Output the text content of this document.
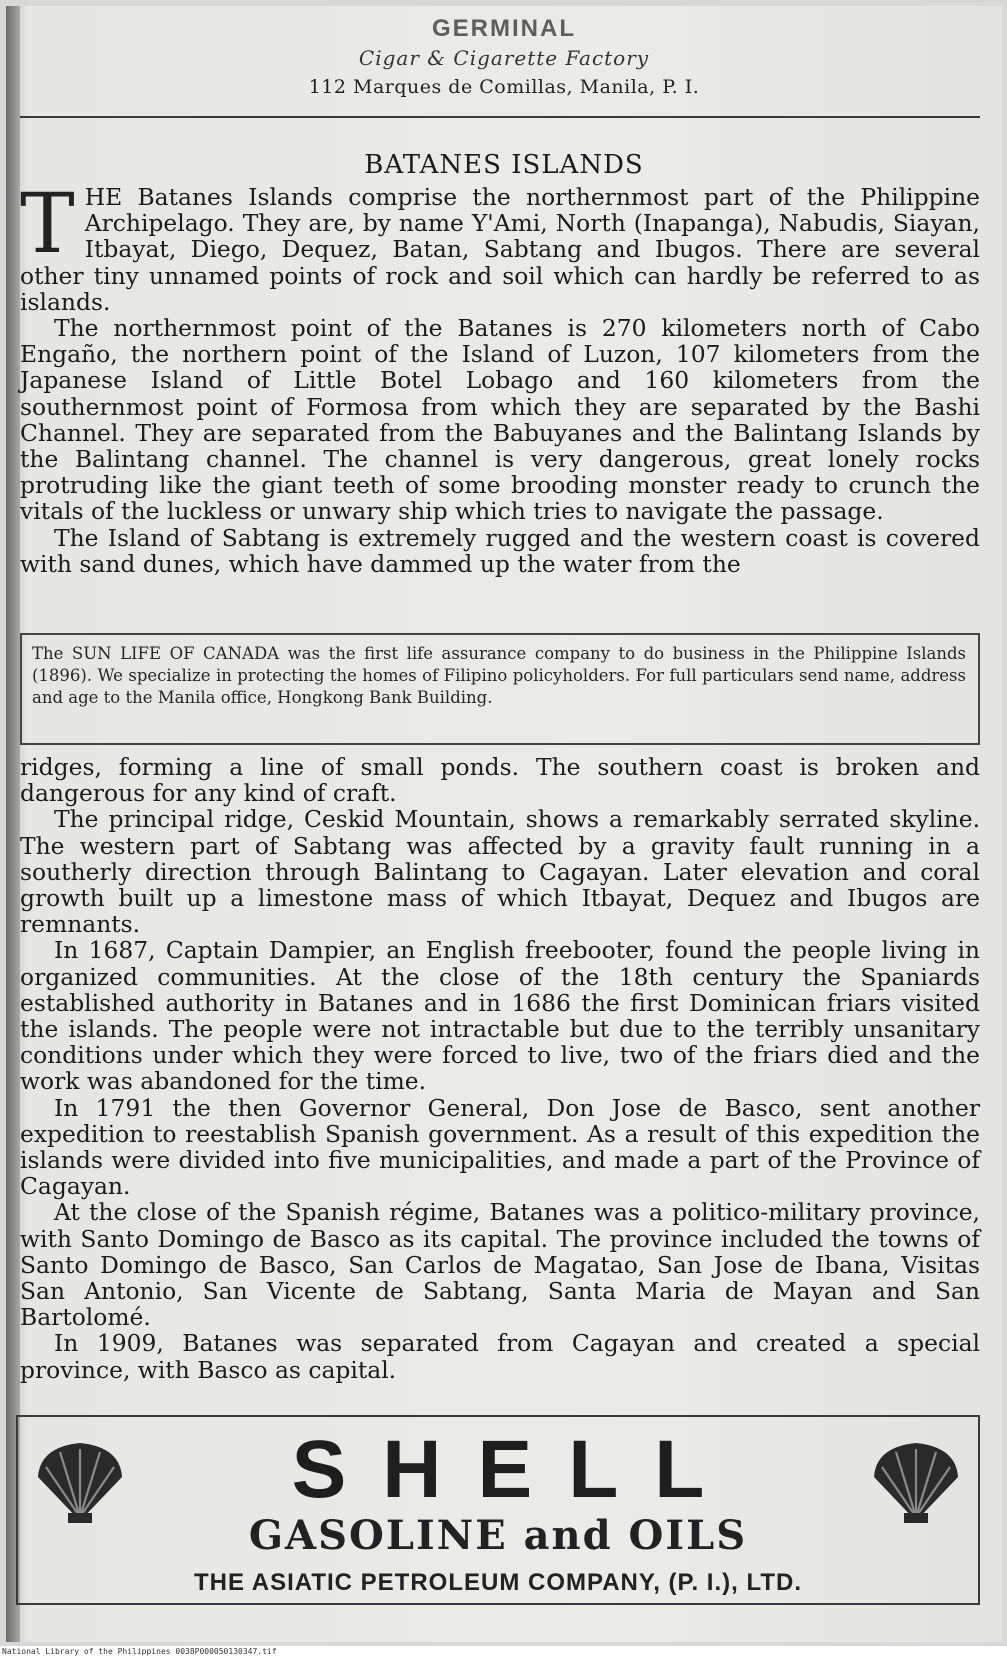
GERMINAL
Cigar & Cigarette Factory
112 Marques de Comillas, Manila, P. I.
BATANES ISLANDS

THE Batanes Islands comprise the northernmost part of the Philippine Archipelago. They are, by name Y'Ami, North (Inapanga), Nabudis, Siayan, Itbayat, Diego, Dequez, Batan, Sabtang and Ibugos. There are several other tiny unnamed points of rock and soil which can hardly be referred to as islands.

The northernmost point of the Batanes is 270 kilometers north of Cabo Engaño, the northern point of the Island of Luzon, 107 kilometers from the Japanese Island of Little Botel Lobago and 160 kilometers from the southernmost point of Formosa from which they are separated by the Bashi Channel. They are separated from the Babuyanes and the Balintang Islands by the Balintang channel. The channel is very dangerous, great lonely rocks protruding like the giant teeth of some brooding monster ready to crunch the vitals of the luckless or unwary ship which tries to navigate the passage.

The Island of Sabtang is extremely rugged and the western coast is covered with sand dunes, which have dammed up the water from the

The SUN LIFE OF CANADA was the first life assurance company to do business in the Philippine Islands (1896). We specialize in protecting the homes of Filipino policyholders. For full particulars send name, address and age to the Manila office, Hongkong Bank Building.

ridges, forming a line of small ponds. The southern coast is broken and dangerous for any kind of craft.

The principal ridge, Ceskid Mountain, shows a remarkably serrated skyline. The western part of Sabtang was affected by a gravity fault running in a southerly direction through Balintang to Cagayan. Later elevation and coral growth built up a limestone mass of which Itbayat, Dequez and Ibugos are remnants.

In 1687, Captain Dampier, an English freebooter, found the people living in organized communities. At the close of the 18th century the Spaniards established authority in Batanes and in 1686 the first Dominican friars visited the islands. The people were not intractable but due to the terribly unsanitary conditions under which they were forced to live, two of the friars died and the work was abandoned for the time.

In 1791 the then Governor General, Don Jose de Basco, sent another expedition to reestablish Spanish government. As a result of this expedition the islands were divided into five municipalities, and made a part of the Province of Cagayan.

At the close of the Spanish régime, Batanes was a politico-military province, with Santo Domingo de Basco as its capital. The province included the towns of Santo Domingo de Basco, San Carlos de Magatao, San Jose de Ibana, Visitas San Antonio, San Vicente de Sabtang, Santa Maria de Mayan and San Bartolomé.

In 1909, Batanes was separated from Cagayan and created a special province, with Basco as capital.

SHELL
GASOLINE and OILS
THE ASIATIC PETROLEUM COMPANY, (P. I.), LTD.
National Library of the Philippines 0038P000050130347.tif
